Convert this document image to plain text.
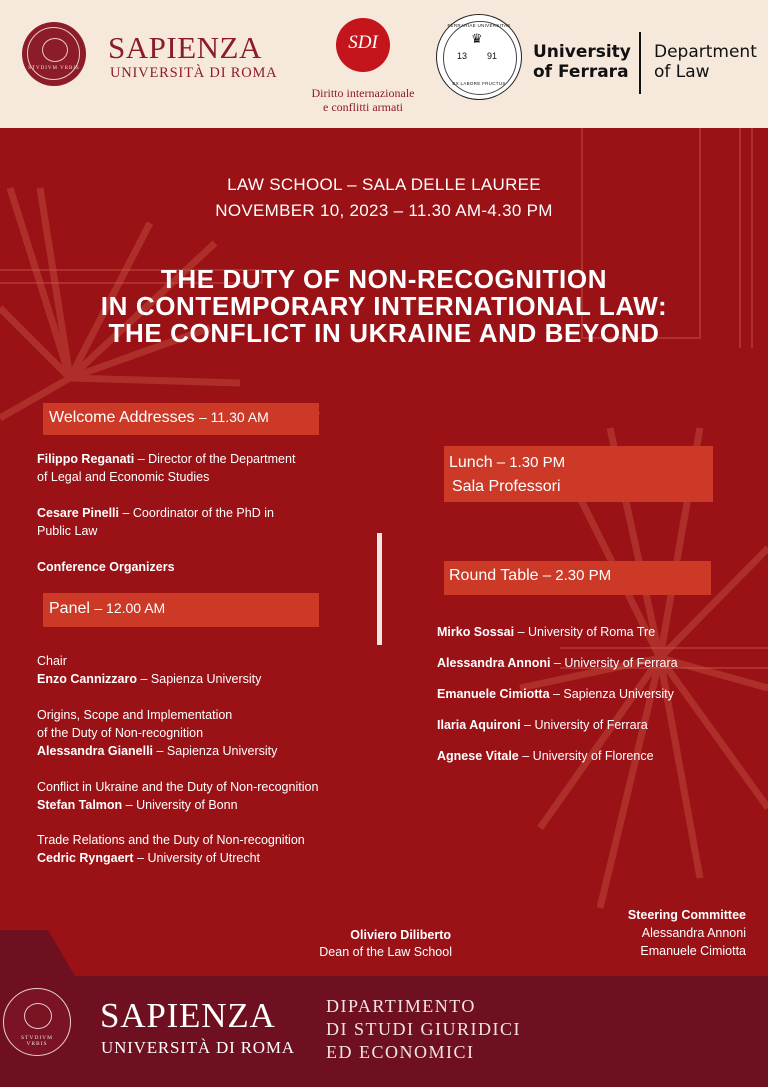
STVDIVM VRBIS
SAPIENZA
UNIVERSITÀ DI ROMA
SDI
Diritto internazionale
e conflitti armati
♛
FERRARIAE UNIVERSITAS
13 91
EX LABORE FRUCTUS
University
of Ferrara
Department
of Law
LAW SCHOOL – SALA DELLE LAUREE
NOVEMBER 10, 2023 – 11.30 AM-4.30 PM
THE DUTY OF NON-RECOGNITION
IN CONTEMPORARY INTERNATIONAL LAW:
THE CONFLICT IN UKRAINE AND BEYOND
Welcome Addresses – 11.30 AM
Filippo Reganati – Director of the Department
of Legal and Economic Studies
Cesare Pinelli – Coordinator of the PhD in
Public Law
Conference Organizers
Panel – 12.00 AM
Chair
Enzo Cannizzaro – Sapienza University
Origins, Scope and Implementation
of the Duty of Non-recognition
Alessandra Gianelli – Sapienza University
Conflict in Ukraine and the Duty of Non-recognition
Stefan Talmon – University of Bonn
Trade Relations and the Duty of Non-recognition
Cedric Ryngaert – University of Utrecht
Lunch – 1.30 PM
Sala Professori
Round Table – 2.30 PM
Mirko Sossai – University of Roma Tre
Alessandra Annoni – University of Ferrara
Emanuele Cimiotta – Sapienza University
Ilaria Aquironi – University of Ferrara
Agnese Vitale – University of Florence
Oliviero Diliberto
Dean of the Law School
Steering Committee
Alessandra Annoni
Emanuele Cimiotta
STVDIVM VRBIS
SAPIENZA
UNIVERSITÀ DI ROMA
DIPARTIMENTO
DI STUDI GIURIDICI
ED ECONOMICI
